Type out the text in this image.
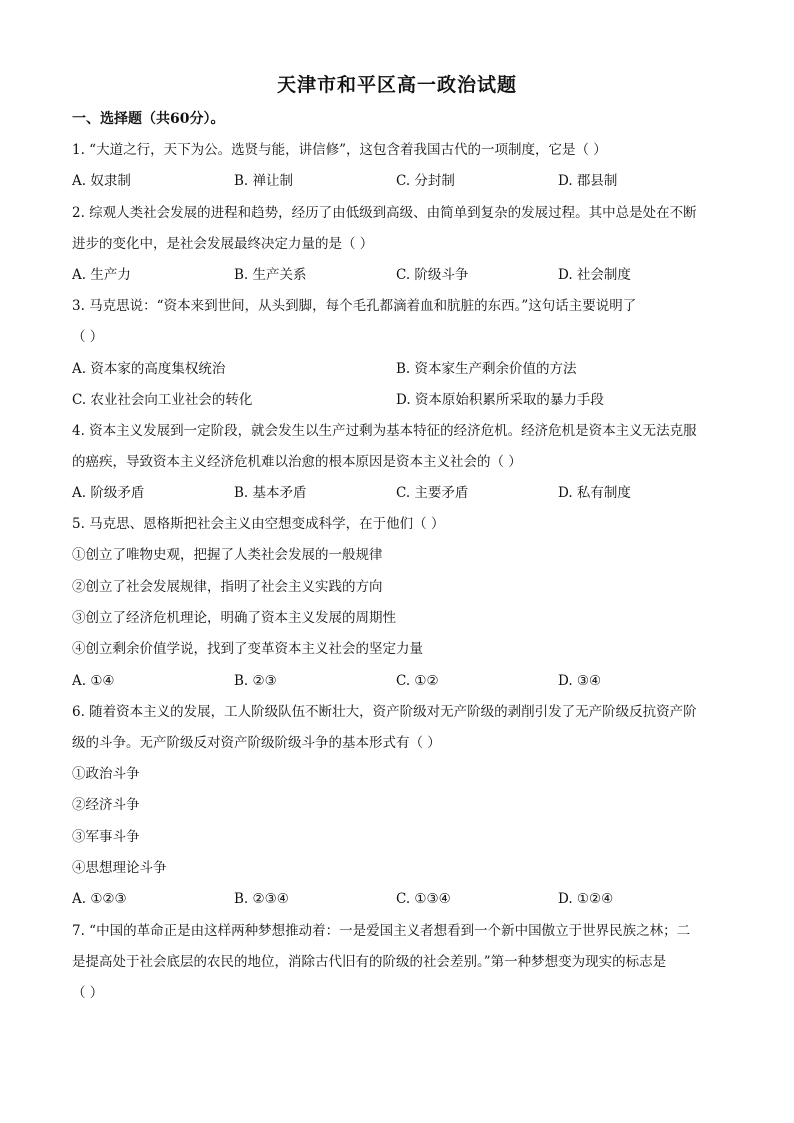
天津市和平区高一政治试题
一、选择题（共60分）。
1. “大道之行，天下为公。选贤与能，讲信修”，这包含着我国古代的一项制度，它是（ ）
A. 奴隶制	B. 禅让制	C. 分封制	D. 郡县制
2. 综观人类社会发展的进程和趋势，经历了由低级到高级、由简单到复杂的发展过程。其中总是处在不断
进步的变化中，是社会发展最终决定力量的是（ ）
A. 生产力	B. 生产关系	C. 阶级斗争	D. 社会制度
3. 马克思说：“资本来到世间，从头到脚，每个毛孔都滴着血和肮脏的东西。”这句话主要说明了
（ ）
A. 资本家的高度集权统治	B. 资本家生产剩余价值的方法
C. 农业社会向工业社会的转化	D. 资本原始积累所采取的暴力手段
4. 资本主义发展到一定阶段，就会发生以生产过剩为基本特征的经济危机。经济危机是资本主义无法克服
的癌疾，导致资本主义经济危机难以治愈的根本原因是资本主义社会的（ ）
A. 阶级矛盾	B. 基本矛盾	C. 主要矛盾	D. 私有制度
5. 马克思、恩格斯把社会主义由空想变成科学，在于他们（ ）
①创立了唯物史观，把握了人类社会发展的一般规律
②创立了社会发展规律，指明了社会主义实践的方向
③创立了经济危机理论，明确了资本主义发展的周期性
④创立剩余价值学说，找到了变革资本主义社会的坚定力量
A. ①④	B. ②③	C. ①②	D. ③④
6. 随着资本主义的发展，工人阶级队伍不断壮大，资产阶级对无产阶级的剥削引发了无产阶级反抗资产阶
级的斗争。无产阶级反对资产阶级阶级斗争的基本形式有（ ）
①政治斗争
②经济斗争
③军事斗争
④思想理论斗争
A. ①②③	B. ②③④	C. ①③④	D. ①②④
7. “中国的革命正是由这样两种梦想推动着：一是爱国主义者想看到一个新中国傲立于世界民族之林；二
是提高处于社会底层的农民的地位，消除古代旧有的阶级的社会差别。”第一种梦想变为现实的标志是
（ ）
